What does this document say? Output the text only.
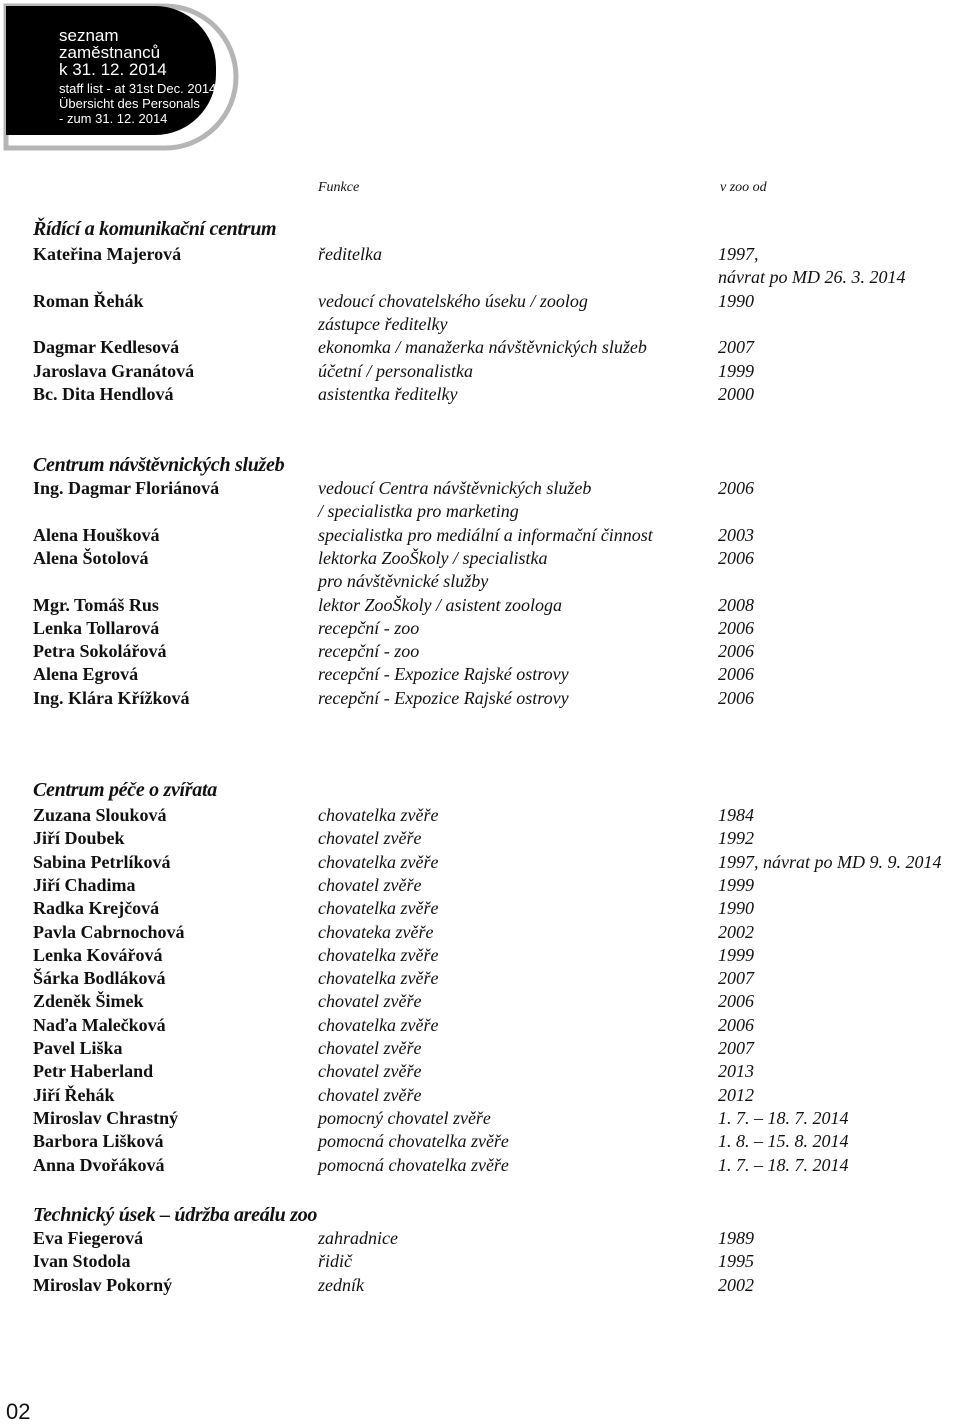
seznam
zaměstnanců
k 31. 12. 2014
staff list - at 31st Dec. 2014
Übersicht des Personals
- zum 31. 12. 2014
Funkce	v zoo od
Řídící a komunikační centrum
Kateřina Majerová	ředitelka	1997,
návrat po MD 26. 3. 2014
Roman Řehák	vedoucí chovatelského úseku / zoolog	1990
zástupce ředitelky
Dagmar Kedlesová	ekonomka / manažerka návštěvnických služeb	2007
Jaroslava Granátová	účetní / personalistka	1999
Bc. Dita Hendlová	asistentka ředitelky	2000
Centrum návštěvnických služeb
Ing. Dagmar Floriánová	vedoucí Centra návštěvnických služeb	2006
/ specialistka pro marketing
Alena Houšková	specialistka pro mediální a informační činnost	2003
Alena Šotolová	lektorka ZooŠkoly / specialistka	2006
pro návštěvnické služby
Mgr. Tomáš Rus	lektor ZooŠkoly / asistent zoologa	2008
Lenka Tollarová	recepční - zoo	2006
Petra Sokolářová	recepční - zoo	2006
Alena Egrová	recepční - Expozice Rajské ostrovy	2006
Ing. Klára Křížková	recepční - Expozice Rajské ostrovy	2006
Centrum péče o zvířata
Zuzana Slouková	chovatelka zvěře	1984
Jiří Doubek	chovatel zvěře	1992
Sabina Petrlíková	chovatelka zvěře	1997, návrat po MD 9. 9. 2014
Jiří Chadima	chovatel zvěře	1999
Radka Krejčová	chovatelka zvěře	1990
Pavla Cabrnochová	chovateka zvěře	2002
Lenka Kovářová	chovatelka zvěře	1999
Šárka Bodláková	chovatelka zvěře	2007
Zdeněk Šimek	chovatel zvěře	2006
Naďa Malečková	chovatelka zvěře	2006
Pavel Liška	chovatel zvěře	2007
Petr Haberland	chovatel zvěře	2013
Jiří Řehák	chovatel zvěře	2012
Miroslav Chrastný	pomocný chovatel zvěře	1. 7. – 18. 7. 2014
Barbora Lišková	pomocná chovatelka zvěře	1. 8. – 15. 8. 2014
Anna Dvořáková	pomocná chovatelka zvěře	1. 7. – 18. 7. 2014
Technický úsek – údržba areálu zoo
Eva Fiegerová	zahradnice	1989
Ivan Stodola	řidič	1995
Miroslav Pokorný	zedník	2002
02
